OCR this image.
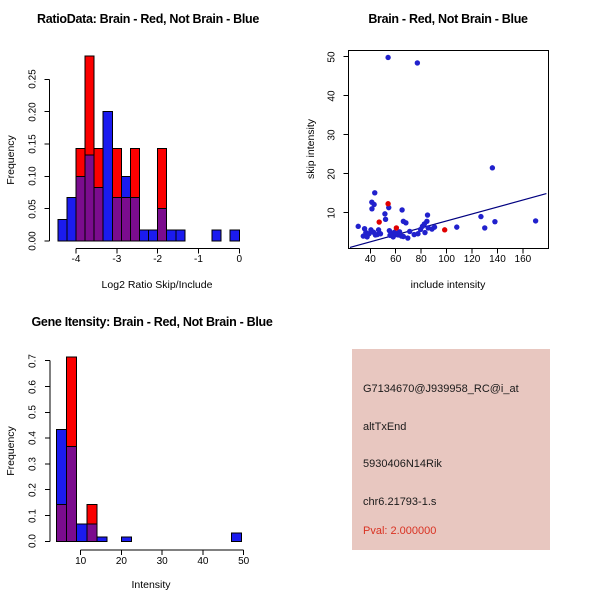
RatioData: Brain - Red, Not Brain - Blue
Log2 Ratio Skip/Include
Frequency
Brain - Red, Not Brain - Blue
include intensity
skip intensity
Gene Itensity: Brain - Red, Not Brain - Blue
Intensity
Frequency
G7134670@J939958_RC@i_at
altTxEnd
5930406N14Rik
chr6.21793-1.s
Pval: 2.000000
-4	-3	-2	-1	0
0.00
0.05
0.10
0.15
0.20
0.25
40 60 80 100 120 140 160
10
20
30
40
50
10	20	30	40	50
0.0
0.1
0.2
0.3
0.4
0.5
0.6
0.7
